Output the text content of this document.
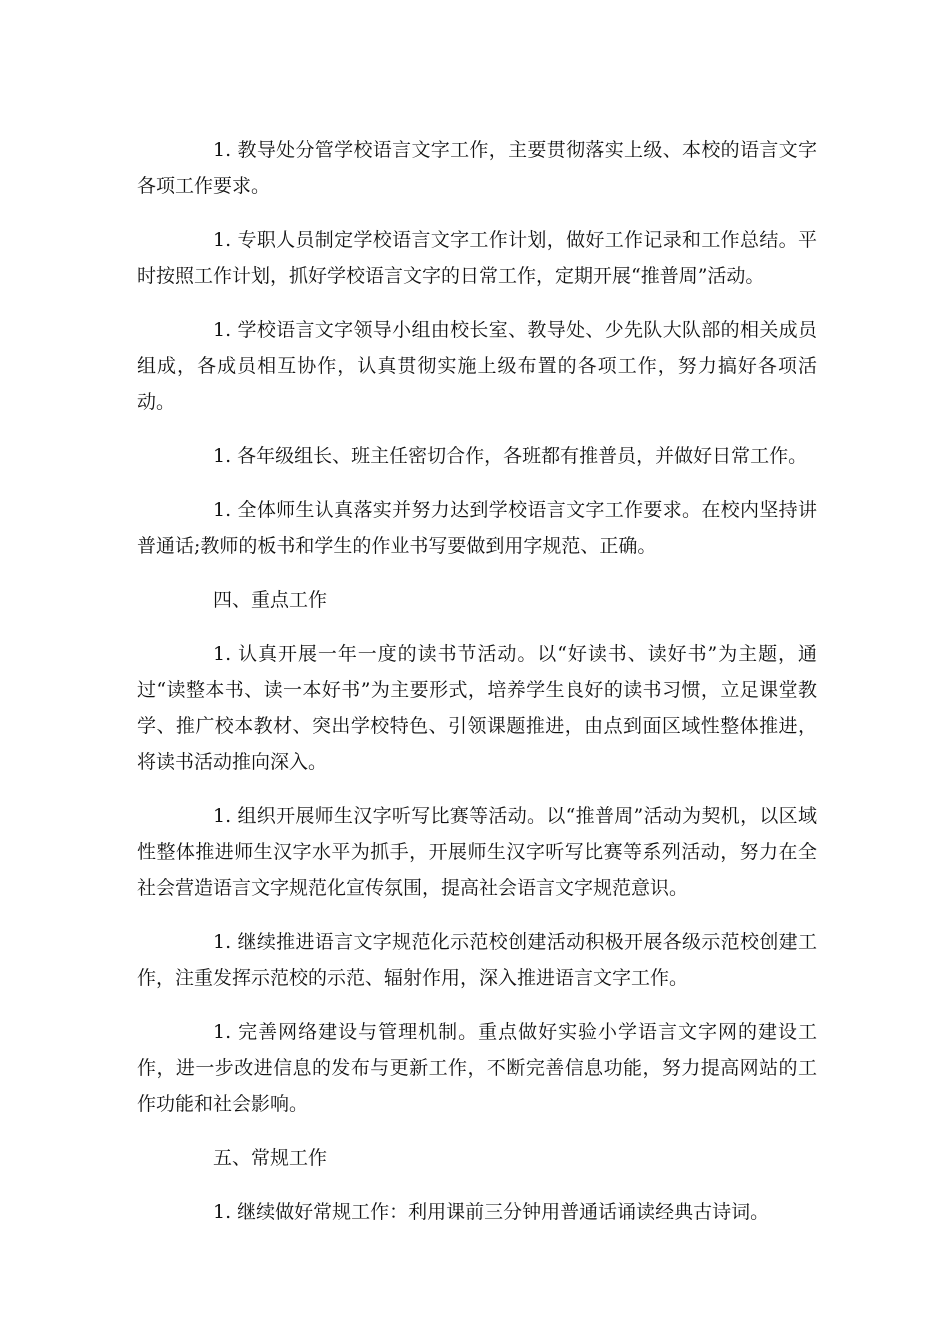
1. 教导处分管学校语言文字工作，主要贯彻落实上级、本校的语言文字各项工作要求。

1. 专职人员制定学校语言文字工作计划，做好工作记录和工作总结。平时按照工作计划，抓好学校语言文字的日常工作，定期开展“推普周”活动。

1. 学校语言文字领导小组由校长室、教导处、少先队大队部的相关成员组成，各成员相互协作，认真贯彻实施上级布置的各项工作，努力搞好各项活动。

1. 各年级组长、班主任密切合作，各班都有推普员，并做好日常工作。

1. 全体师生认真落实并努力达到学校语言文字工作要求。在校内坚持讲普通话;教师的板书和学生的作业书写要做到用字规范、正确。

四、重点工作

1. 认真开展一年一度的读书节活动。以“好读书、读好书”为主题，通过“读整本书、读一本好书”为主要形式，培养学生良好的读书习惯，立足课堂教学、推广校本教材、突出学校特色、引领课题推进，由点到面区域性整体推进，将读书活动推向深入。

1. 组织开展师生汉字听写比赛等活动。以“推普周”活动为契机，以区域性整体推进师生汉字水平为抓手，开展师生汉字听写比赛等系列活动，努力在全社会营造语言文字规范化宣传氛围，提高社会语言文字规范意识。

1. 继续推进语言文字规范化示范校创建活动积极开展各级示范校创建工作，注重发挥示范校的示范、辐射作用，深入推进语言文字工作。

1. 完善网络建设与管理机制。重点做好实验小学语言文字网的建设工作，进一步改进信息的发布与更新工作，不断完善信息功能，努力提高网站的工作功能和社会影响。

五、常规工作

1. 继续做好常规工作：利用课前三分钟用普通话诵读经典古诗词。
